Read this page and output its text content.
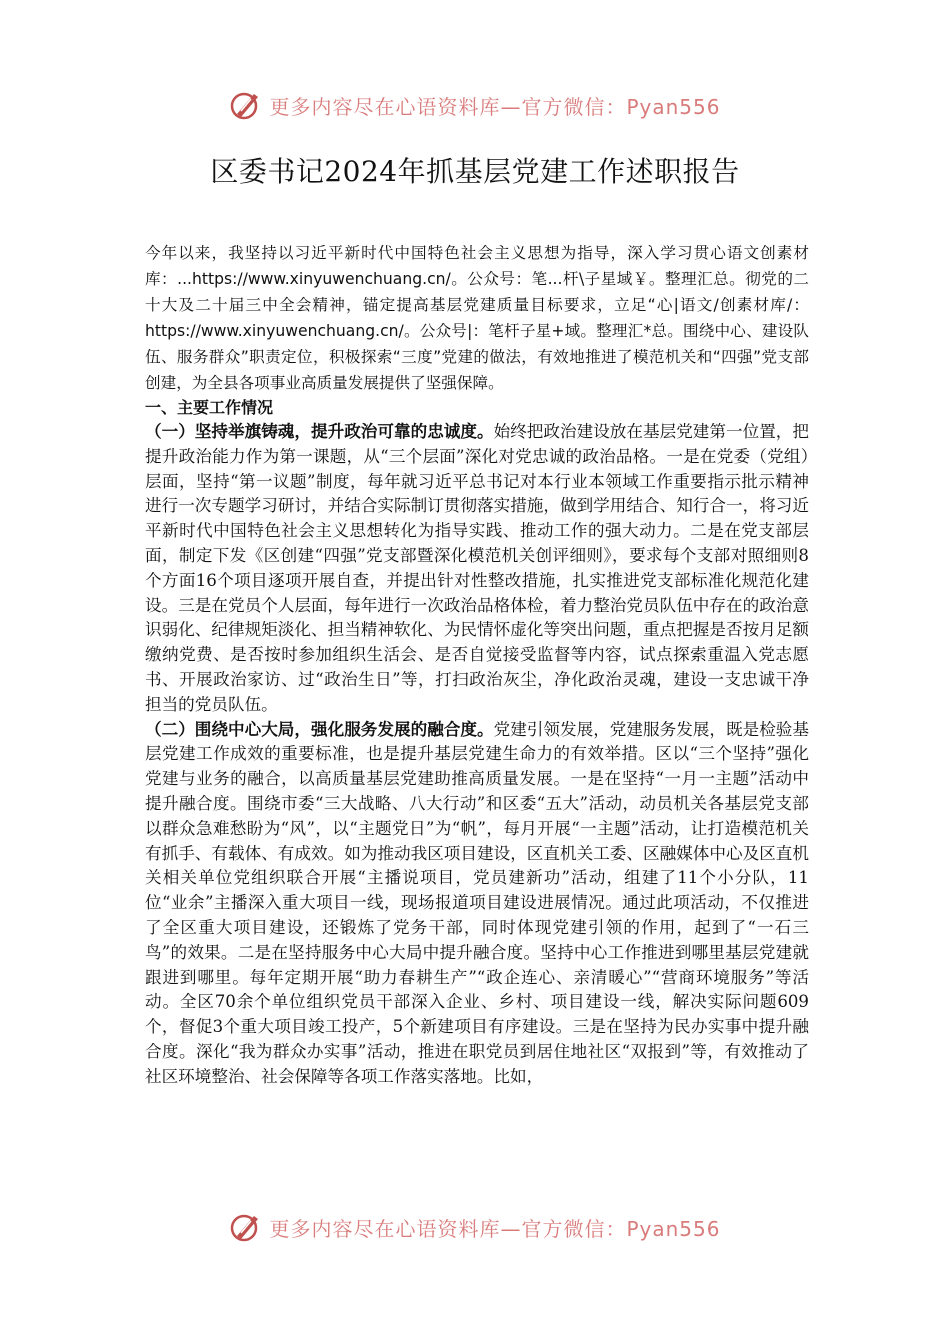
更多内容尽在心语资料库—官方微信：Pyan556
区委书记2024年抓基层党建工作述职报告

今年以来，我坚持以习近平新时代中国特色社会主义思想为指导，深入学习贯心语文创素材库：...https://www.xinyuwenchuang.cn/。公众号：笔...杆\子星域￥。整理汇总。彻党的二十大及二十届三中全会精神，锚定提高基层党建质量目标要求，立足“心|语文/创素材库/：https://www.xinyuwenchuang.cn/。公众号|：笔杆子星+域。整理汇*总。围绕中心、建设队伍、服务群众”职责定位，积极探索“三度”党建的做法，有效地推进了模范机关和“四强”党支部创建，为全县各项事业高质量发展提供了坚强保障。

一、主要工作情况

（一）坚持举旗铸魂，提升政治可靠的忠诚度。始终把政治建设放在基层党建第一位置，把提升政治能力作为第一课题，从“三个层面”深化对党忠诚的政治品格。一是在党委（党组）层面，坚持“第一议题”制度，每年就习近平总书记对本行业本领域工作重要指示批示精神进行一次专题学习研讨，并结合实际制订贯彻落实措施，做到学用结合、知行合一，将习近平新时代中国特色社会主义思想转化为指导实践、推动工作的强大动力。二是在党支部层面，制定下发《区创建“四强”党支部暨深化模范机关创评细则》，要求每个支部对照细则8个方面16个项目逐项开展自查，并提出针对性整改措施，扎实推进党支部标准化规范化建设。三是在党员个人层面，每年进行一次政治品格体检，着力整治党员队伍中存在的政治意识弱化、纪律规矩淡化、担当精神软化、为民情怀虚化等突出问题，重点把握是否按月足额缴纳党费、是否按时参加组织生活会、是否自觉接受监督等内容，试点探索重温入党志愿书、开展政治家访、过“政治生日”等，打扫政治灰尘，净化政治灵魂，建设一支忠诚干净担当的党员队伍。

（二）围绕中心大局，强化服务发展的融合度。党建引领发展，党建服务发展，既是检验基层党建工作成效的重要标准，也是提升基层党建生命力的有效举措。区以“三个坚持”强化党建与业务的融合，以高质量基层党建助推高质量发展。一是在坚持“一月一主题”活动中提升融合度。围绕市委“三大战略、八大行动”和区委“五大”活动，动员机关各基层党支部以群众急难愁盼为“风”，以“主题党日”为“帆”，每月开展“一主题”活动，让打造模范机关有抓手、有载体、有成效。如为推动我区项目建设，区直机关工委、区融媒体中心及区直机关相关单位党组织联合开展“主播说项目，党员建新功”活动，组建了11个小分队，11位“业余”主播深入重大项目一线，现场报道项目建设进展情况。通过此项活动，不仅推进了全区重大项目建设，还锻炼了党务干部，同时体现党建引领的作用，起到了“一石三鸟”的效果。二是在坚持服务中心大局中提升融合度。坚持中心工作推进到哪里基层党建就跟进到哪里。每年定期开展“助力春耕生产”“政企连心、亲清暖心”“营商环境服务”等活动。全区70余个单位组织党员干部深入企业、乡村、项目建设一线，解决实际问题609个，督促3个重大项目竣工投产，5个新建项目有序建设。三是在坚持为民办实事中提升融合度。深化“我为群众办实事”活动，推进在职党员到居住地社区“双报到”等，有效推动了社区环境整治、社会保障等各项工作落实落地。比如，

更多内容尽在心语资料库—官方微信：Pyan556
